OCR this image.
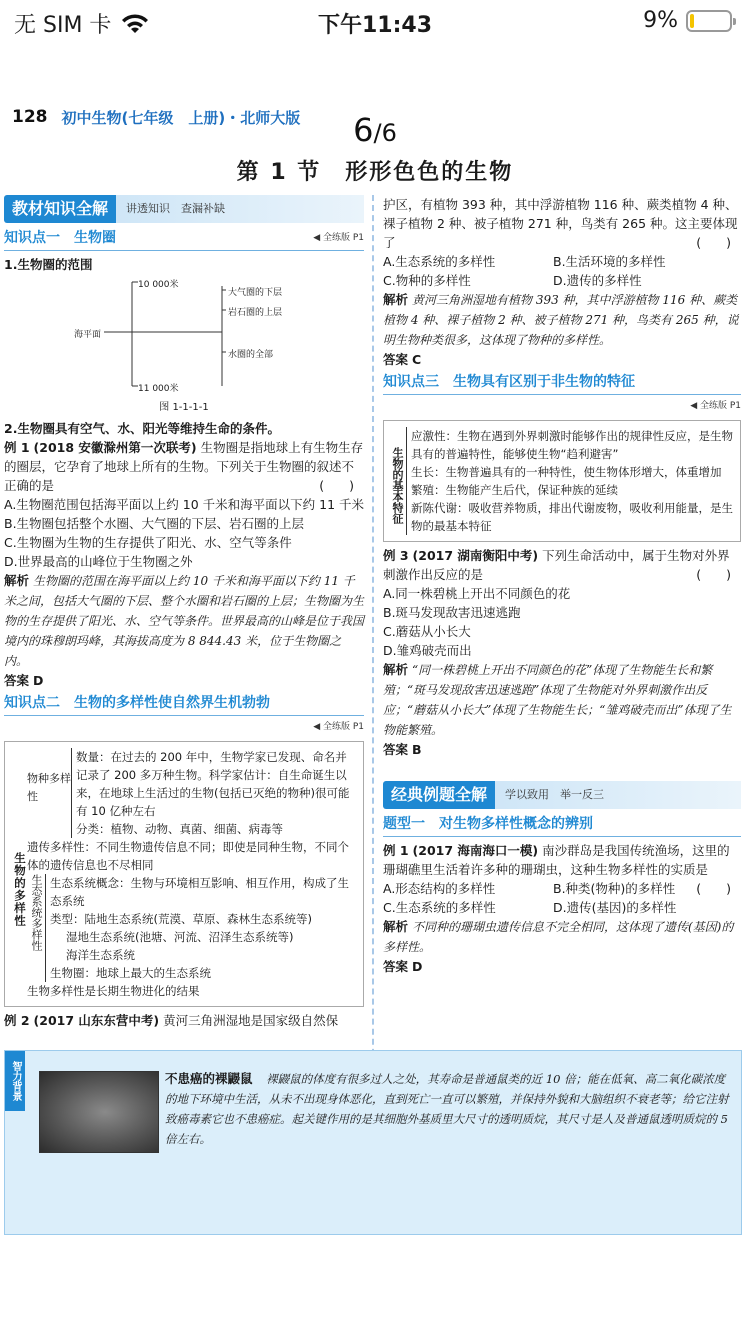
无 SIM 卡	下午11:43	9%
128 初中生物(七年级　上册)・北师大版	6/6
第 1 节　形形色色的生物
教材知识全解	讲透知识　查漏补缺
知识点一　生物圈	◀ 全练版 P1
1.生物圈的范围
10 000米
11 000米
海平面
大气圈的下层
岩石圈的上层
水圈的全部
图 1-1-1-1
2.生物圈具有空气、水、阳光等维持生命的条件。
例 1 (2018 安徽滁州第一次联考) 生物圈是指地球上有生物生存的圈层，它孕育了地球上所有的生物。下列关于生物圈的叙述不正确的是	(　　)
A.生物圈范围包括海平面以上约 10 千米和海平面以下约 11 千米
B.生物圈包括整个水圈、大气圈的下层、岩石圈的上层
C.生物圈为生物的生存提供了阳光、水、空气等条件
D.世界最高的山峰位于生物圈之外
解析 生物圈的范围在海平面以上约 10 千米和海平面以下约 11 千米之间，包括大气圈的下层、整个水圈和岩石圈的上层；生物圈为生物的生存提供了阳光、水、空气等条件。世界最高的山峰是位于我国境内的珠穆朗玛峰，其海拔高度为 8 844.43 米，位于生物圈之内。
答案 D
知识点二　生物的多样性使自然界生机勃勃
◀ 全练版 P1
生物的多样性
物种多样性
数量：在过去的 200 年中，生物学家已发现、命名并记录了 200 多万种生物。科学家估计：自生命诞生以来，在地球上生活过的生物(包括已灭绝的物种)很可能有 10 亿种左右
分类：植物、动物、真菌、细菌、病毒等
遗传多样性：不同生物遗传信息不同；即使是同种生物，不同个体的遗传信息也不尽相同
生态系统多样性 生态系统概念：生物与环境相互影响、相互作用，构成了生态系统
类型：陆地生态系统(荒漠、草原、森林生态系统等)
湿地生态系统(池塘、河流、沼泽生态系统等)
海洋生态系统
生物圈：地球上最大的生态系统
生物多样性是长期生物进化的结果
例 2 (2017 山东东营中考) 黄河三角洲湿地是国家级自然保
护区，有植物 393 种，其中浮游植物 116 种、蕨类植物 4 种、裸子植物 2 种、被子植物 271 种，鸟类有 265 种。这主要体现了	(　　)
A.生态系统的多样性	B.生活环境的多样性
C.物种的多样性	D.遗传的多样性
解析 黄河三角洲湿地有植物 393 种，其中浮游植物 116 种、蕨类植物 4 种、裸子植物 2 种、被子植物 271 种，鸟类有 265 种，说明生物种类很多，这体现了物种的多样性。
答案 C
知识点三　生物具有区别于非生物的特征
◀ 全练版 P1
生物的基本特征
应激性：生物在遇到外界刺激时能够作出的规律性反应，是生物具有的普遍特性，能够使生物“趋利避害”
生长：生物普遍具有的一种特性，使生物体形增大，体重增加
繁殖：生物能产生后代，保证种族的延续
新陈代谢：吸收营养物质，排出代谢废物，吸收利用能量，是生物的最基本特征
例 3 (2017 湖南衡阳中考) 下列生命活动中，属于生物对外界刺激作出反应的是	(　　)
A.同一株碧桃上开出不同颜色的花
B.斑马发现敌害迅速逃跑
C.蘑菇从小长大
D.雏鸡破壳而出
解析 “同一株碧桃上开出不同颜色的花”体现了生物能生长和繁殖；“斑马发现敌害迅速逃跑”体现了生物能对外界刺激作出反应；“蘑菇从小长大”体现了生物能生长；“雏鸡破壳而出”体现了生物能繁殖。
答案 B
经典例题全解	学以致用　举一反三
题型一　对生物多样性概念的辨别
例 1 (2017 海南海口一模) 南沙群岛是我国传统渔场，这里的珊瑚礁里生活着许多种的珊瑚虫，这种生物多样性的实质是
(　　)
A.形态结构的多样性	B.种类(物种)的多样性
C.生态系统的多样性	D.遗传(基因)的多样性
解析 不同种的珊瑚虫遗传信息不完全相同，这体现了遗传(基因)的多样性。
答案 D
智力背景	不患癌的裸鼹鼠 裸鼹鼠的体度有很多过人之处，其寿命是普通鼠类的近 10 倍；能在低氧、高二氧化碳浓度的地下环境中生活，从未不出现身体恶化，直到死亡一直可以繁殖，并保持外貌和大脑组织不衰老等；给它注射致癌毒素它也不患癌症。起关键作用的是其细胞外基质里大尺寸的透明质烷，其尺寸是人及普通鼠透明质烷的 5 倍左右。
